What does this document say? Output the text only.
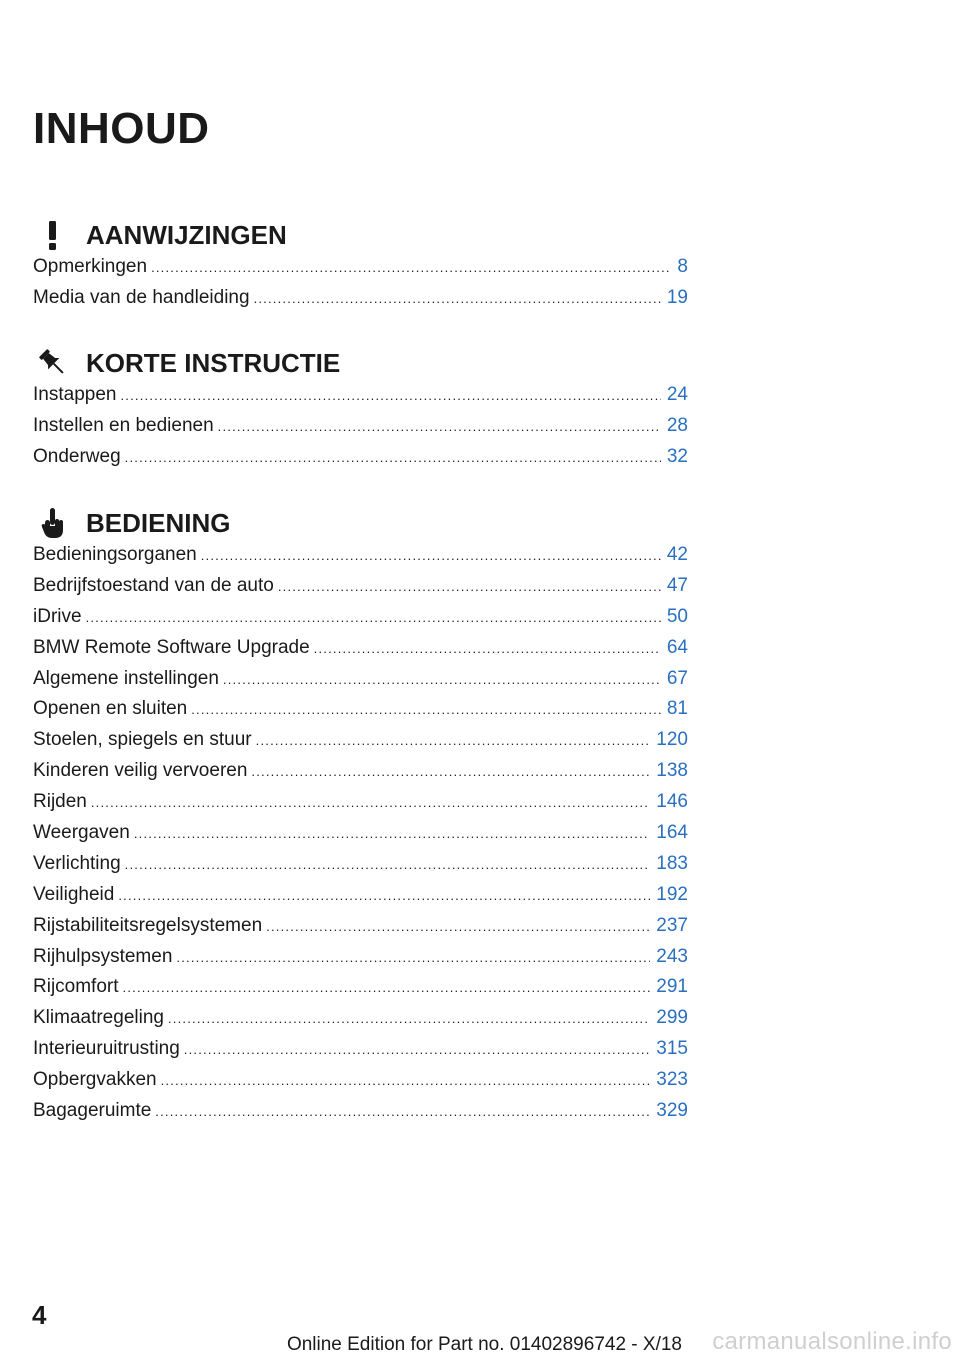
INHOUD
AANWIJZINGEN
Opmerkingen .....	8
Media van de handleiding .....	19
KORTE INSTRUCTIE
Instappen .....	24
Instellen en bedienen .....	28
Onderweg .....	32
BEDIENING
Bedieningsorganen .....	42
Bedrijfstoestand van de auto .....	47
iDrive .....	50
BMW Remote Software Upgrade .....	64
Algemene instellingen .....	67
Openen en sluiten .....	81
Stoelen, spiegels en stuur .....	120
Kinderen veilig vervoeren .....	138
Rijden .....	146
Weergaven .....	164
Verlichting .....	183
Veiligheid .....	192
Rijstabiliteitsregelsystemen .....	237
Rijhulpsystemen .....	243
Rijcomfort .....	291
Klimaatregeling .....	299
Interieuruitrusting .....	315
Opbergvakken .....	323
Bagageruimte .....	329
4
Online Edition for Part no. 01402896742 - X/18 carmanualsonline.info
